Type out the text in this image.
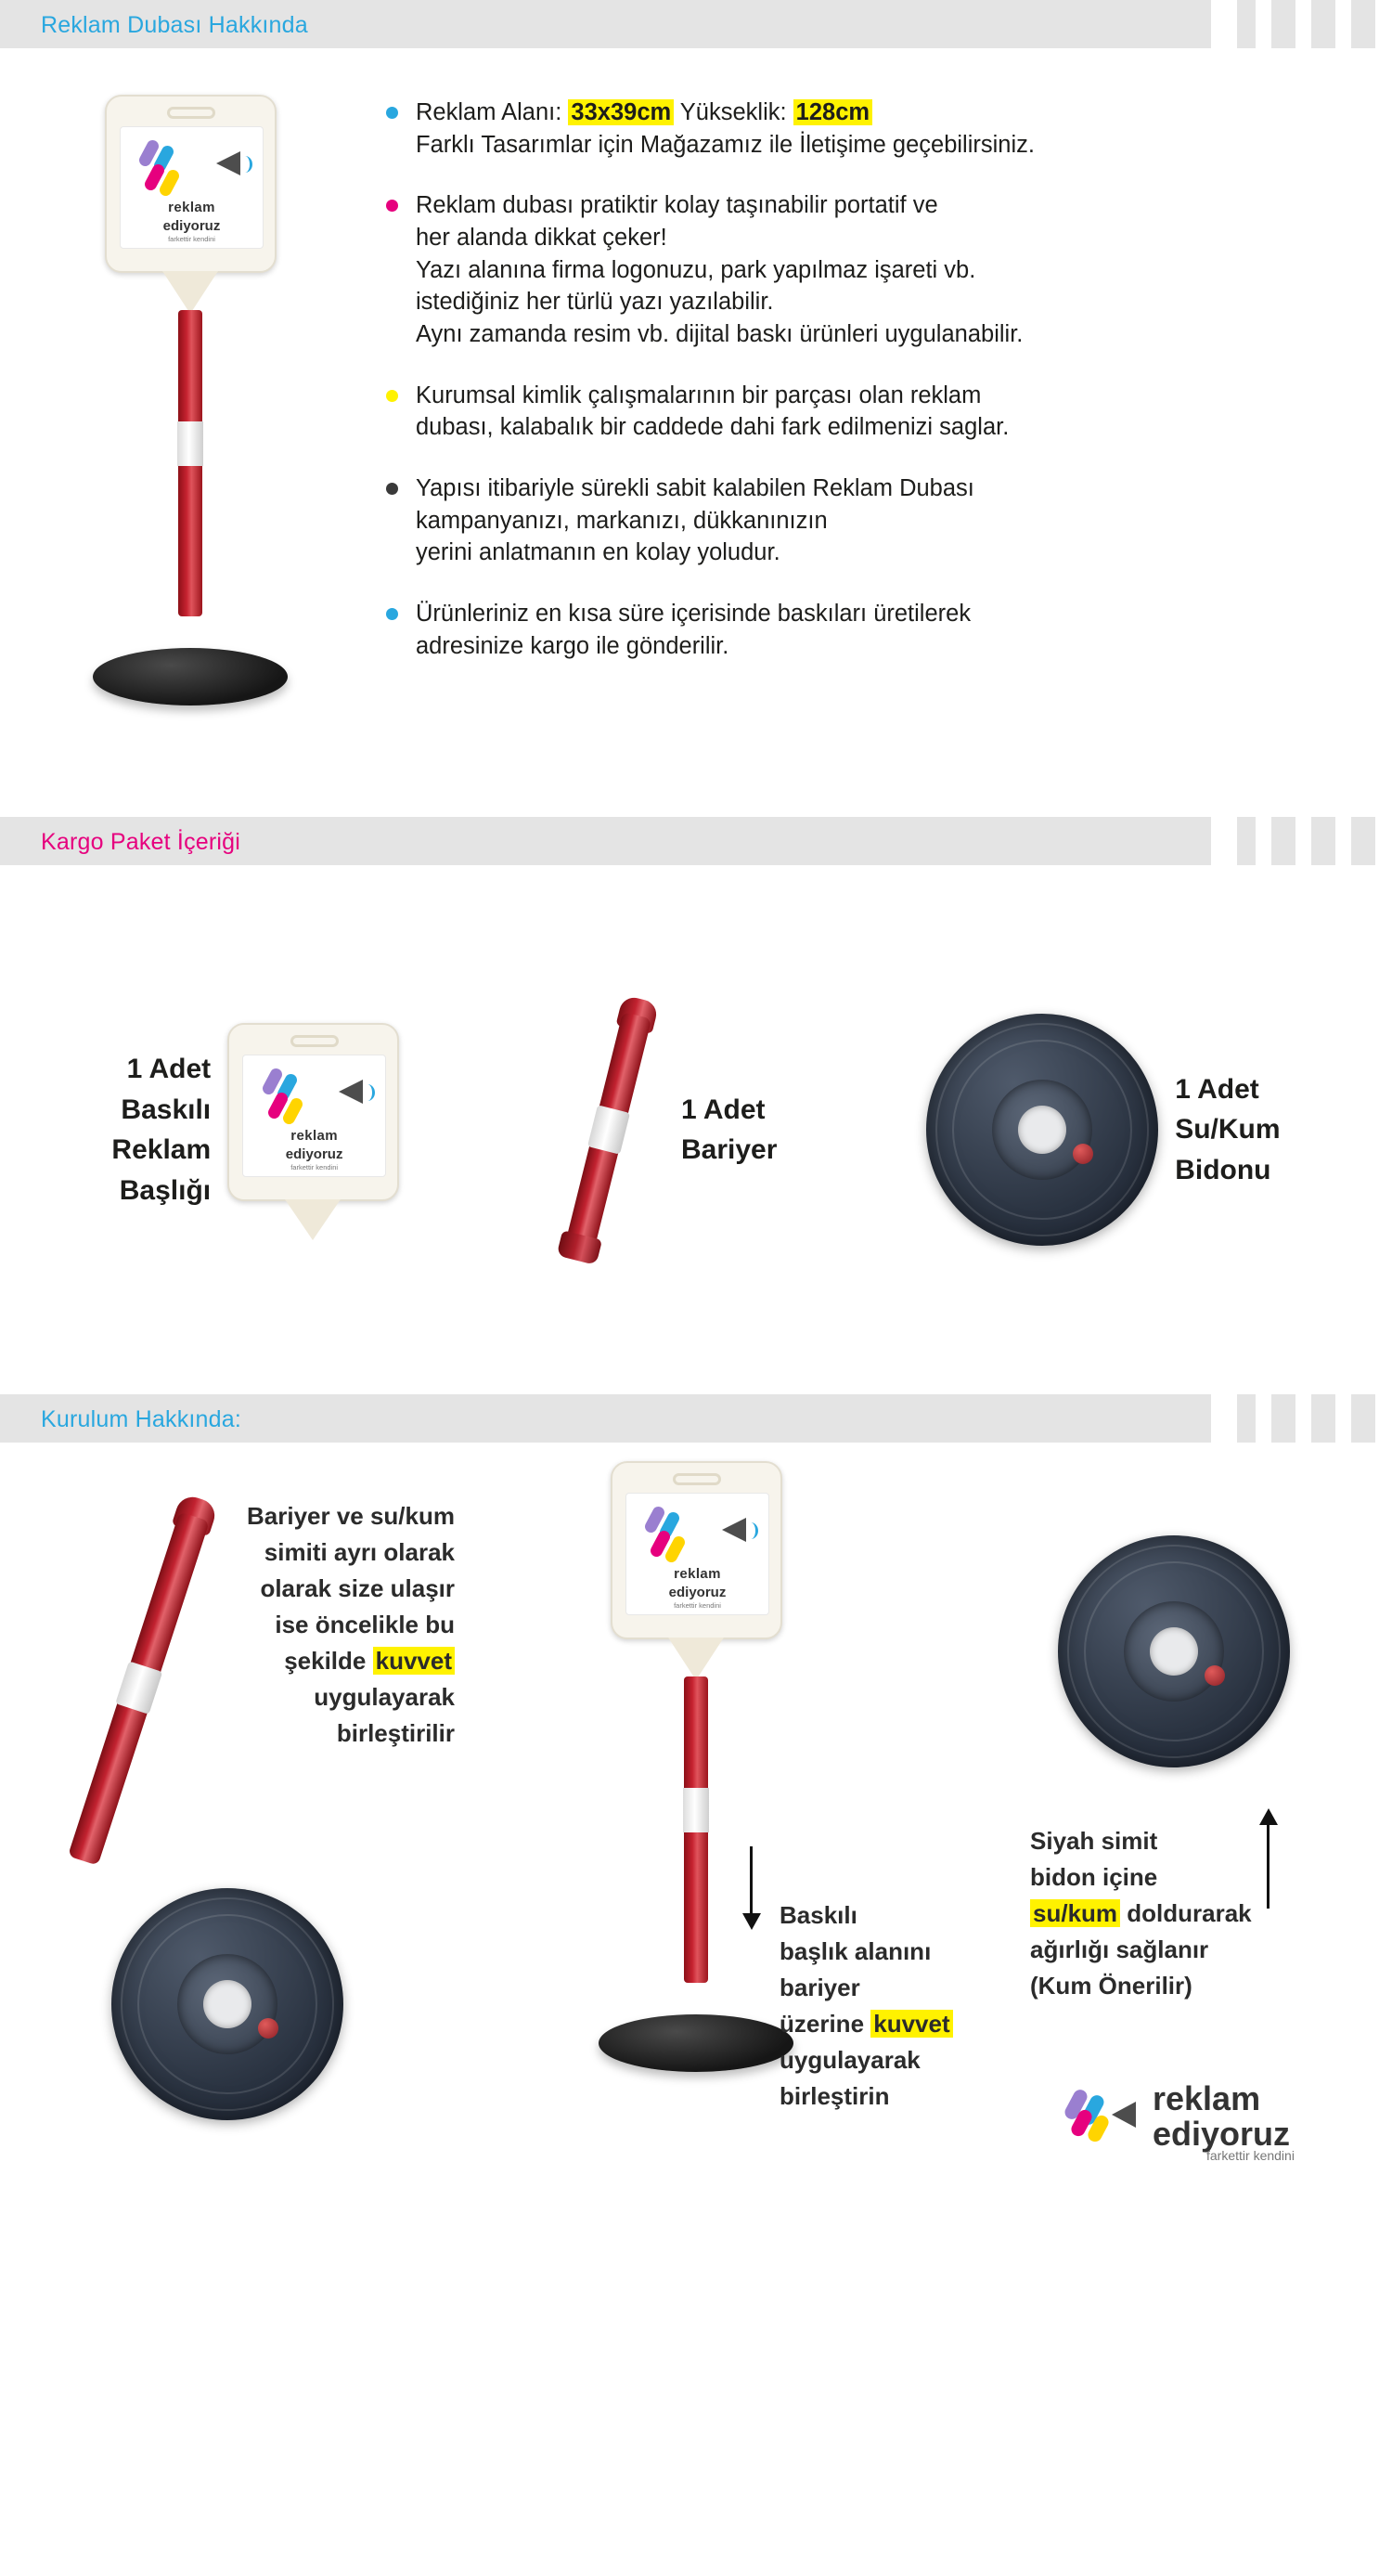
Reklam Dubası Hakkında
reklam
ediyoruz
farkettir kendini
Reklam Alanı: 33x39cm Yükseklik: 128cm
Farklı Tasarımlar için Mağazamız ile İletişime geçebilirsiniz.
Reklam dubası pratiktir kolay taşınabilir portatif ve
her alanda dikkat çeker!
Yazı alanına firma logonuzu, park yapılmaz işareti vb.
istediğiniz her türlü yazı yazılabilir.
Aynı zamanda resim vb. dijital baskı ürünleri uygulanabilir.
Kurumsal kimlik çalışmalarının bir parçası olan reklam
dubası, kalabalık bir caddede dahi fark edilmenizi saglar.
Yapısı itibariyle sürekli sabit kalabilen Reklam Dubası
kampanyanızı, markanızı, dükkanınızın
yerini anlatmanın en kolay yoludur.
Ürünleriniz en kısa süre içerisinde baskıları üretilerek
adresinize kargo ile gönderilir.
Kargo Paket İçeriği
1 Adet
Baskılı
Reklam
Başlığı
reklam
ediyoruz
farkettir kendini
1 Adet
Bariyer
1 Adet
Su/Kum
Bidonu
Kurulum Hakkında:
Bariyer ve su/kum
simiti ayrı olarak
olarak size ulaşır
ise öncelikle bu
şekilde kuvvet
uygulayarak
birleştirilir
reklam
ediyoruz
farkettir kendini
Baskılı
başlık alanını
bariyer
üzerine kuvvet
uygulayarak
birleştirin
Siyah simit
bidon içine
su/kum doldurarak
ağırlığı sağlanır
(Kum Önerilir)
reklam
ediyoruz
farkettir kendini
